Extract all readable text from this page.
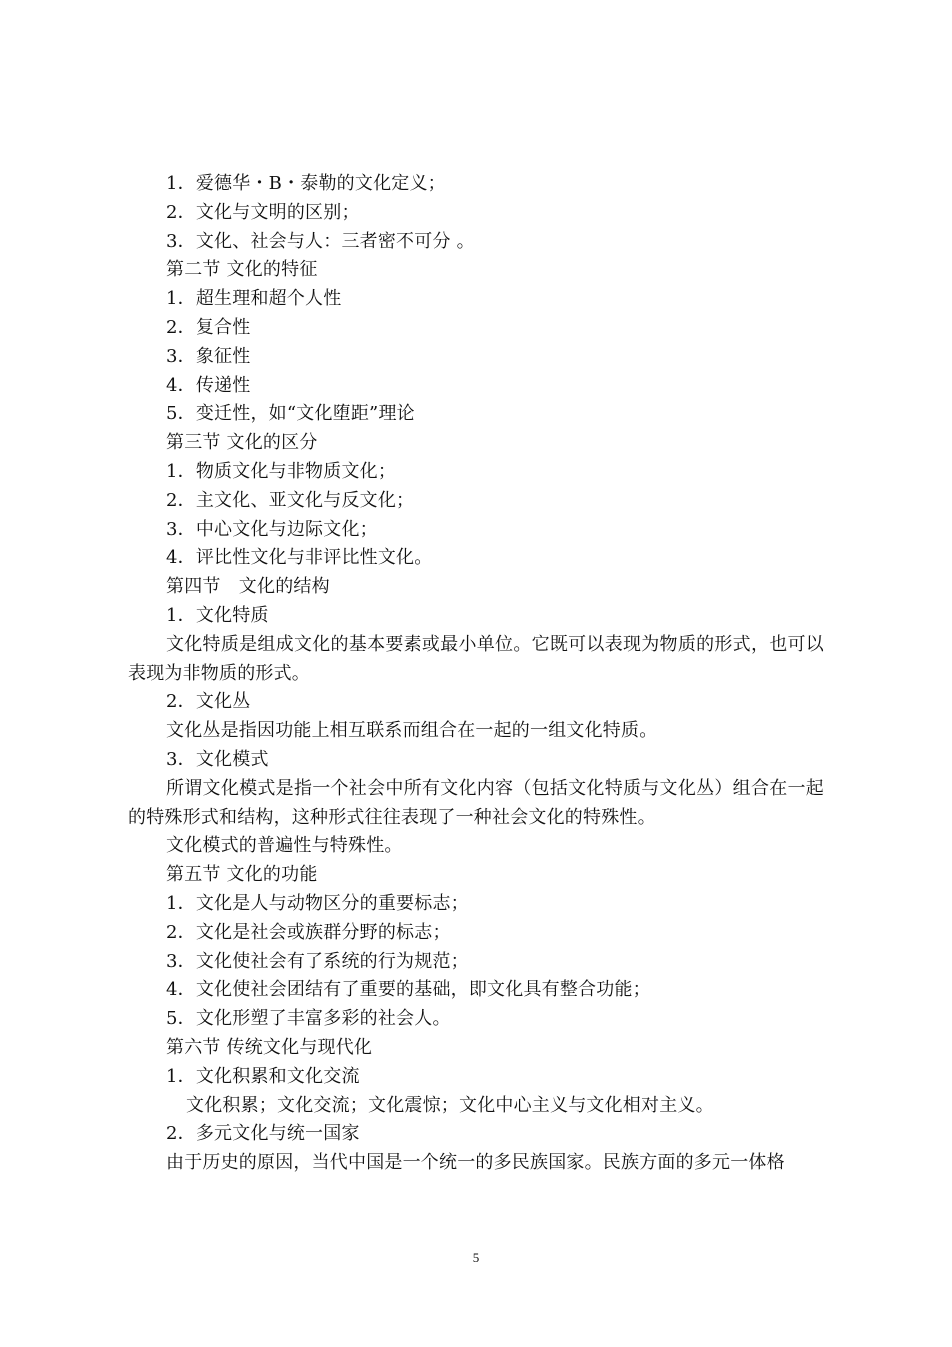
1．爱德华・B・泰勒的文化定义；
2．文化与文明的区别；
3．文化、社会与人：三者密不可分 。
第二节 文化的特征
1．超生理和超个人性
2．复合性
3．象征性
4．传递性
5．变迁性，如“文化堕距”理论
第三节 文化的区分
1．物质文化与非物质文化；
2．主文化、亚文化与反文化；
3．中心文化与边际文化；
4．评比性文化与非评比性文化。
第四节　文化的结构
1．文化特质
文化特质是组成文化的基本要素或最小单位。它既可以表现为物质的形式，也可以表现为非物质的形式。
2．文化丛
文化丛是指因功能上相互联系而组合在一起的一组文化特质。
3．文化模式
所谓文化模式是指一个社会中所有文化内容（包括文化特质与文化丛）组合在一起的特殊形式和结构，这种形式往往表现了一种社会文化的特殊性。
文化模式的普遍性与特殊性。
第五节 文化的功能
1．文化是人与动物区分的重要标志；
2．文化是社会或族群分野的标志；
3．文化使社会有了系统的行为规范；
4．文化使社会团结有了重要的基础，即文化具有整合功能；
5．文化形塑了丰富多彩的社会人。
第六节 传统文化与现代化
1．文化积累和文化交流
文化积累；文化交流；文化震惊；文化中心主义与文化相对主义。
2．多元文化与统一国家
由于历史的原因，当代中国是一个统一的多民族国家。民族方面的多元一体格
5
